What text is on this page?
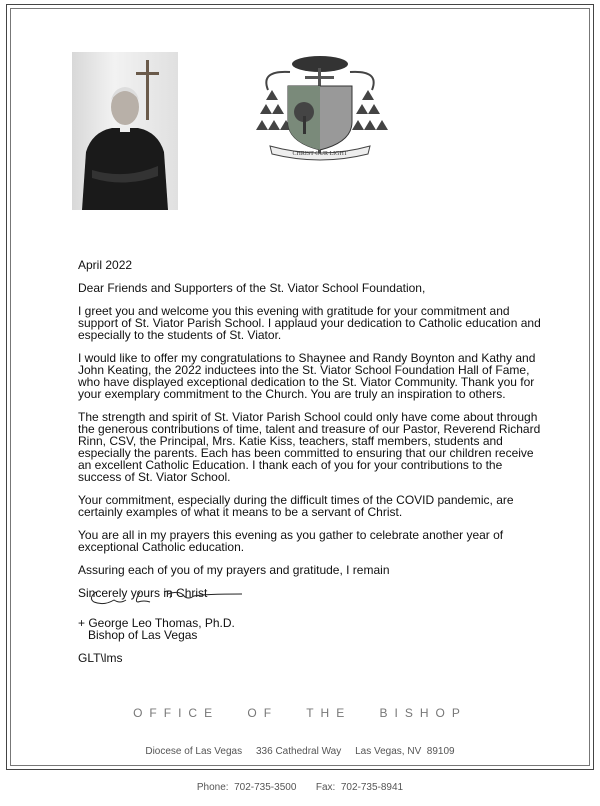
CHRIST OUR LIGHT

April 2022

Dear Friends and Supporters of the St. Viator School Foundation,

I greet you and welcome you this evening with gratitude for your commitment and
support of St. Viator Parish School. I applaud your dedication to Catholic education and
especially to the students of St. Viator.

I would like to offer my congratulations to Shaynee and Randy Boynton and Kathy and
John Keating, the 2022 inductees into the St. Viator School Foundation Hall of Fame,
who have displayed exceptional dedication to the St. Viator Community. Thank you for
your exemplary commitment to the Church. You are truly an inspiration to others.

The strength and spirit of St. Viator Parish School could only have come about through
the generous contributions of time, talent and treasure of our Pastor, Reverend Richard
Rinn, CSV, the Principal, Mrs. Katie Kiss, teachers, staff members, students and
especially the parents. Each has been committed to ensuring that our children receive
an excellent Catholic Education. I thank each of you for your contributions to the
success of St. Viator School.

Your commitment, especially during the difficult times of the COVID pandemic, are
certainly examples of what it means to be a servant of Christ.

You are all in my prayers this evening as you gather to celebrate another year of
exceptional Catholic education.

Assuring each of you of my prayers and gratitude, I remain

Sincerely yours in Christ

+ George Leo Thomas, Ph.D.

Bishop of Las Vegas

GLT\lms

OFFICE OF THE BISHOP

Diocese of Las Vegas     336 Cathedral Way     Las Vegas, NV  89109

Phone:  702-735-3500       Fax:  702-735-8941
